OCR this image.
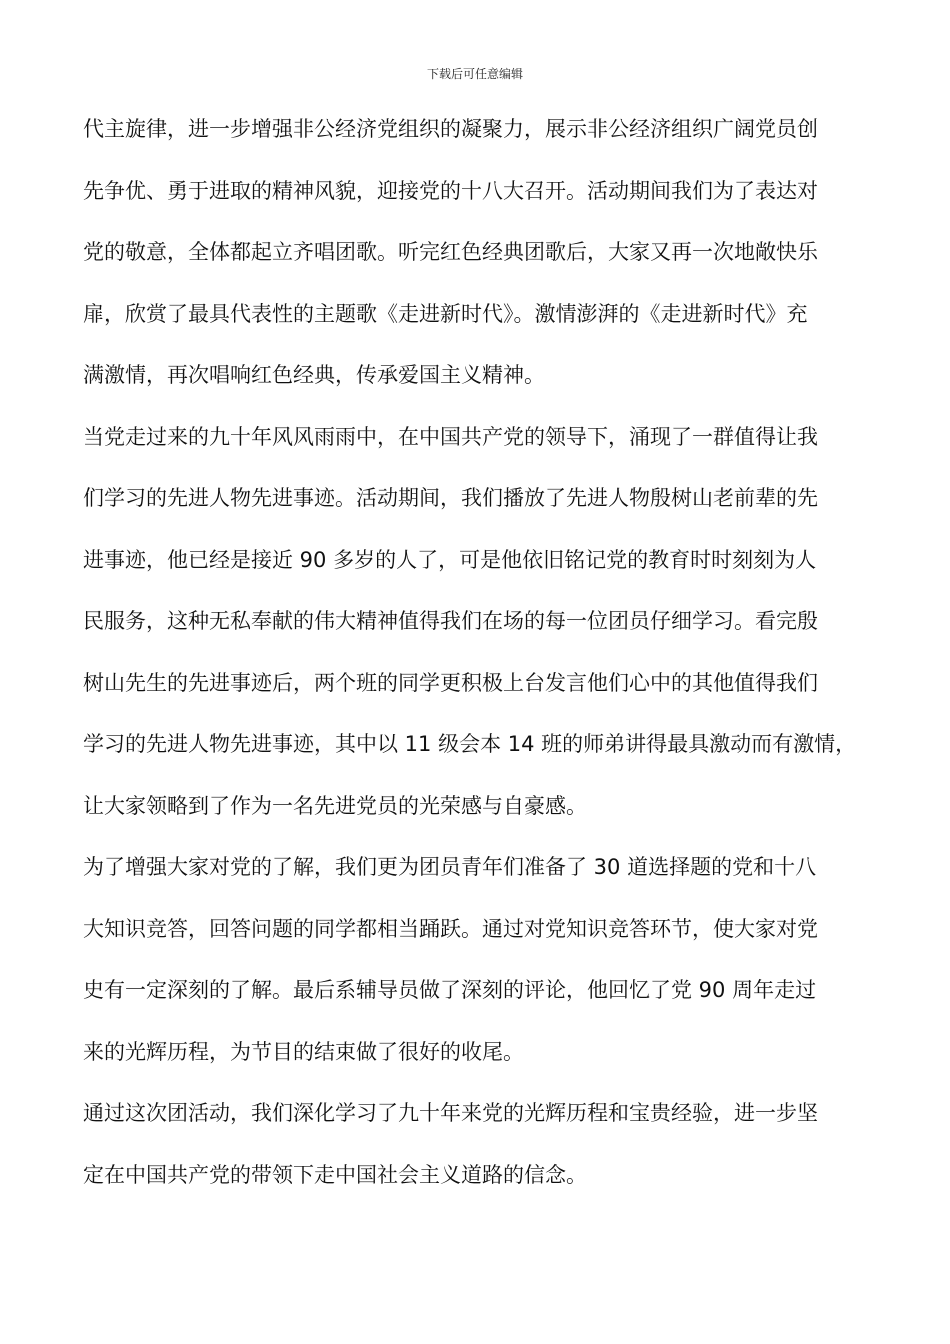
下载后可任意编辑
代主旋律，进一步增强非公经济党组织的凝聚力，展示非公经济组织广阔党员创
先争优、勇于进取的精神风貌，迎接党的十八大召开。活动期间我们为了表达对
党的敬意，全体都起立齐唱团歌。听完红色经典团歌后，大家又再一次地敞快乐
扉，欣赏了最具代表性的主题歌《走进新时代》。激情澎湃的《走进新时代》充
满激情，再次唱响红色经典，传承爱国主义精神。
当党走过来的九十年风风雨雨中，在中国共产党的领导下，涌现了一群值得让我
们学习的先进人物先进事迹。活动期间，我们播放了先进人物殷树山老前辈的先
进事迹，他已经是接近 90 多岁的人了，可是他依旧铭记党的教育时时刻刻为人
民服务，这种无私奉献的伟大精神值得我们在场的每一位团员仔细学习。看完殷
树山先生的先进事迹后，两个班的同学更积极上台发言他们心中的其他值得我们
学习的先进人物先进事迹，其中以 11 级会本 14 班的师弟讲得最具激动而有激情，
让大家领略到了作为一名先进党员的光荣感与自豪感。
为了增强大家对党的了解，我们更为团员青年们准备了 30 道选择题的党和十八
大知识竞答，回答问题的同学都相当踊跃。通过对党知识竞答环节，使大家对党
史有一定深刻的了解。最后系辅导员做了深刻的评论，他回忆了党 90 周年走过
来的光辉历程，为节目的结束做了很好的收尾。
通过这次团活动，我们深化学习了九十年来党的光辉历程和宝贵经验，进一步坚
定在中国共产党的带领下走中国社会主义道路的信念。
